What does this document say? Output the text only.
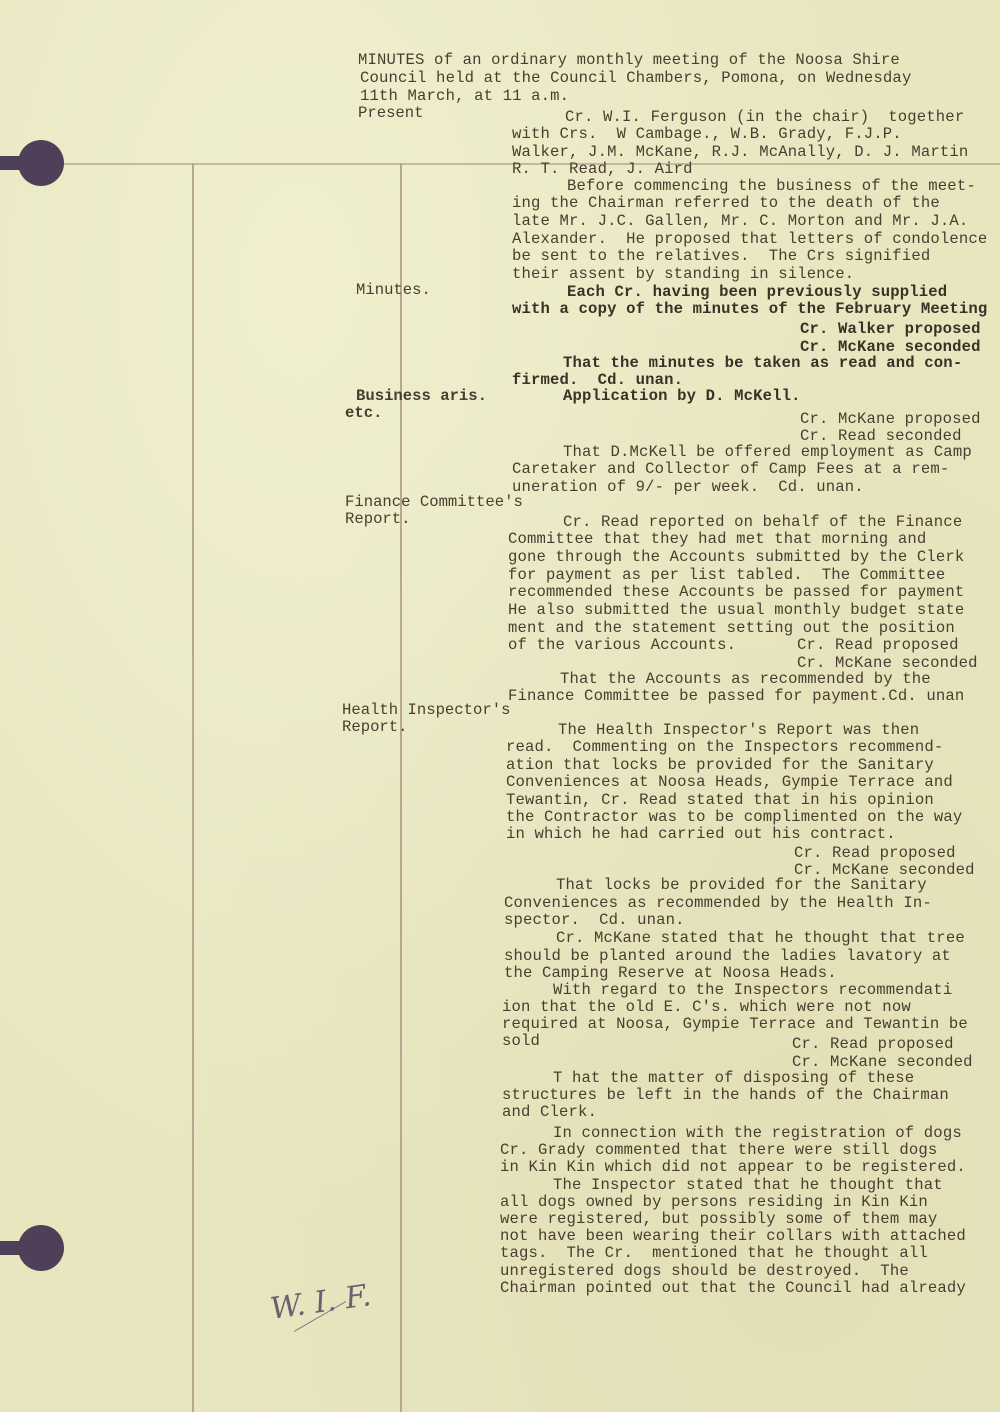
MINUTES of an ordinary monthly meeting of the Noosa Shire
Council held at the Council Chambers, Pomona, on Wednesday
11th March, at 11 a.m.
Present	Cr. W.I. Ferguson (in the chair)  together
with Crs.  W Cambage., W.B. Grady, F.J.P.
Walker, J.M. McKane, R.J. McAnally, D. J. Martin
R. T. Read, J. Aird
Before commencing the business of the meet-
ing the Chairman referred to the death of the
late Mr. J.C. Gallen, Mr. C. Morton and Mr. J.A.
Alexander.  He proposed that letters of condolence
be sent to the relatives.  The Crs signified
their assent by standing in silence.
Minutes.	Each Cr. having been previously supplied
with a copy of the minutes of the February Meeting
Cr. Walker proposed
Cr. McKane seconded
That the minutes be taken as read and con-
firmed.  Cd. unan.
Business aris.
etc.
Application by D. McKell.
Cr. McKane proposed
Cr. Read seconded
That D.McKell be offered employment as Camp
Caretaker and Collector of Camp Fees at a rem-
uneration of 9/- per week.  Cd. unan.
Finance Committee's
Report.	Cr. Read reported on behalf of the Finance
Committee that they had met that morning and
gone through the Accounts submitted by the Clerk
for payment as per list tabled.  The Committee
recommended these Accounts be passed for payment
He also submitted the usual monthly budget state
ment and the statement setting out the position
of the various Accounts.	Cr. Read proposed
Cr. McKane seconded
That the Accounts as recommended by the
Finance Committee be passed for payment.Cd. unan
Health Inspector's
Report.	The Health Inspector's Report was then
read.  Commenting on the Inspectors recommend-
ation that locks be provided for the Sanitary
Conveniences at Noosa Heads, Gympie Terrace and
Tewantin, Cr. Read stated that in his opinion
the Contractor was to be complimented on the way
in which he had carried out his contract.
Cr. Read proposed
Cr. McKane seconded
That locks be provided for the Sanitary
Conveniences as recommended by the Health In-
spector.  Cd. unan.
Cr. McKane stated that he thought that tree
should be planted around the ladies lavatory at
the Camping Reserve at Noosa Heads.
With regard to the Inspectors recommendati
ion that the old E. C's. which were not now
required at Noosa, Gympie Terrace and Tewantin be
sold	Cr. Read proposed
Cr. McKane seconded
T hat the matter of disposing of these
structures be left in the hands of the Chairman
and Clerk.
In connection with the registration of dogs
Cr. Grady commented that there were still dogs
in Kin Kin which did not appear to be registered.
The Inspector stated that he thought that
all dogs owned by persons residing in Kin Kin
were registered, but possibly some of them may
not have been wearing their collars with attached
tags.  The Cr.  mentioned that he thought all
unregistered dogs should be destroyed.  The
Chairman pointed out that the Council had already
W. I. F.
